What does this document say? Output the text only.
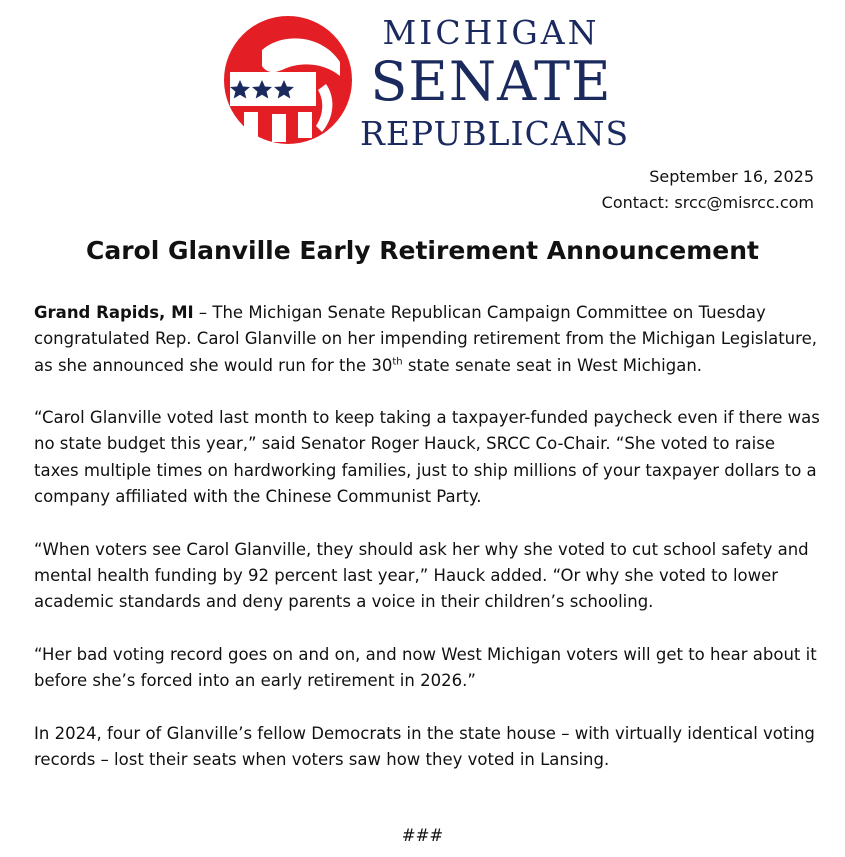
MICHIGAN
SENATE
REPUBLICANS
September 16, 2025
Contact: srcc@misrcc.com
Carol Glanville Early Retirement Announcement

Grand Rapids, MI – The Michigan Senate Republican Campaign Committee on Tuesday congratulated Rep. Carol Glanville on her impending retirement from the Michigan Legislature, as she announced she would run for the 30th state senate seat in West Michigan.

“Carol Glanville voted last month to keep taking a taxpayer-funded paycheck even if there was no state budget this year,” said Senator Roger Hauck, SRCC Co-Chair. “She voted to raise taxes multiple times on hardworking families, just to ship millions of your taxpayer dollars to a company affiliated with the Chinese Communist Party.

“When voters see Carol Glanville, they should ask her why she voted to cut school safety and mental health funding by 92 percent last year,” Hauck added. “Or why she voted to lower academic standards and deny parents a voice in their children’s schooling.

“Her bad voting record goes on and on, and now West Michigan voters will get to hear about it before she’s forced into an early retirement in 2026.”

In 2024, four of Glanville’s fellow Democrats in the state house – with virtually identical voting records – lost their seats when voters saw how they voted in Lansing.

###
